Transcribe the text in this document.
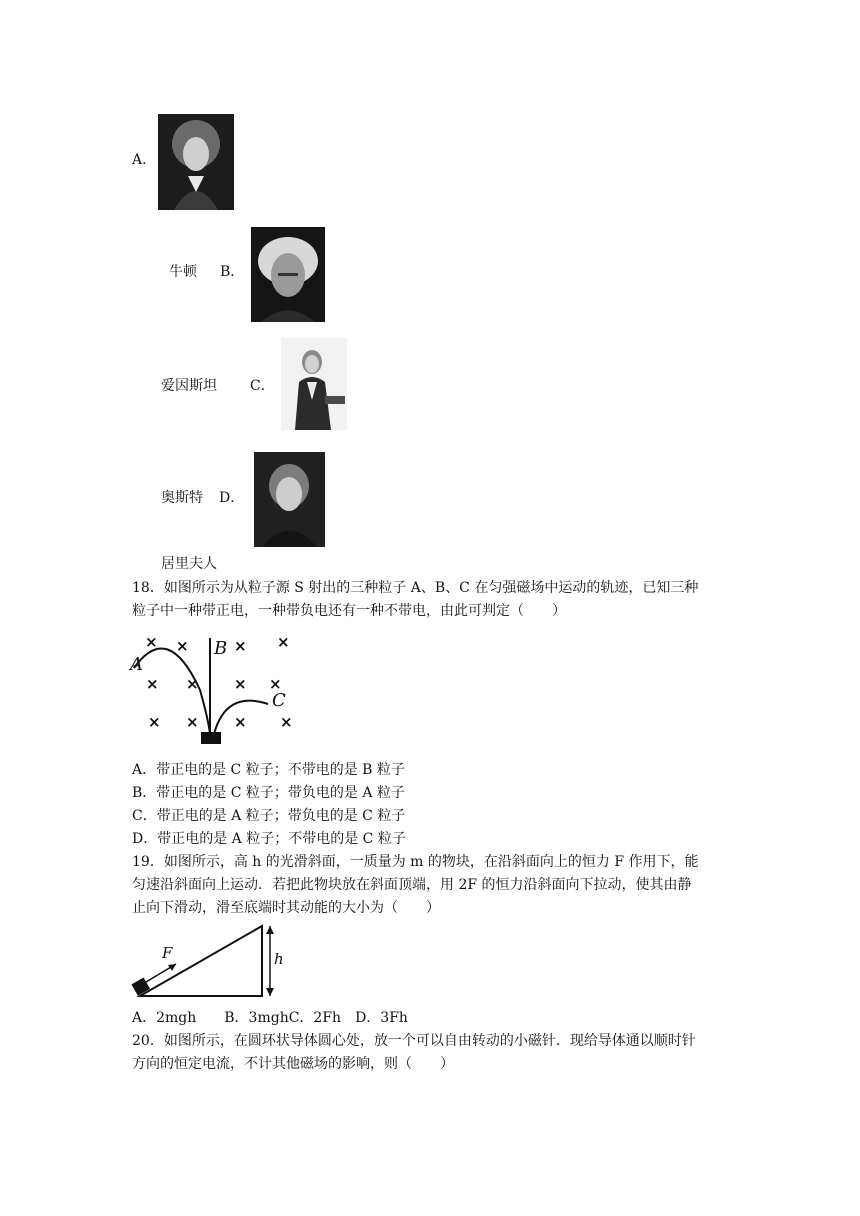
A．
牛顿 B．
爱因斯坦 C．
奥斯特 D．
居里夫人
18．如图所示为从粒子源 S 射出的三种粒子 A、B、C 在匀强磁场中运动的轨迹，已知三种
粒子中一种带正电，一种带负电还有一种不带电，由此可判定（　　）
× ×	× ×
× × × ×
× × × ×
A
B
C
A．带正电的是 C 粒子；不带电的是 B 粒子
B．带正电的是 C 粒子；带负电的是 A 粒子
C．带正电的是 A 粒子；带负电的是 C 粒子
D．带正电的是 A 粒子；不带电的是 C 粒子
19．如图所示，高 h 的光滑斜面，一质量为 m 的物块，在沿斜面向上的恒力 F 作用下，能
匀速沿斜面向上运动．若把此物块放在斜面顶端，用 2F 的恒力沿斜面向下拉动，使其由静
止向下滑动，滑至底端时其动能的大小为（　　）
F	h
A．2mgh　　B．3mghC．2Fh　D．3Fh
20．如图所示，在圆环状导体圆心处，放一个可以自由转动的小磁针．现给导体通以顺时针
方向的恒定电流，不计其他磁场的影响，则（　　）
